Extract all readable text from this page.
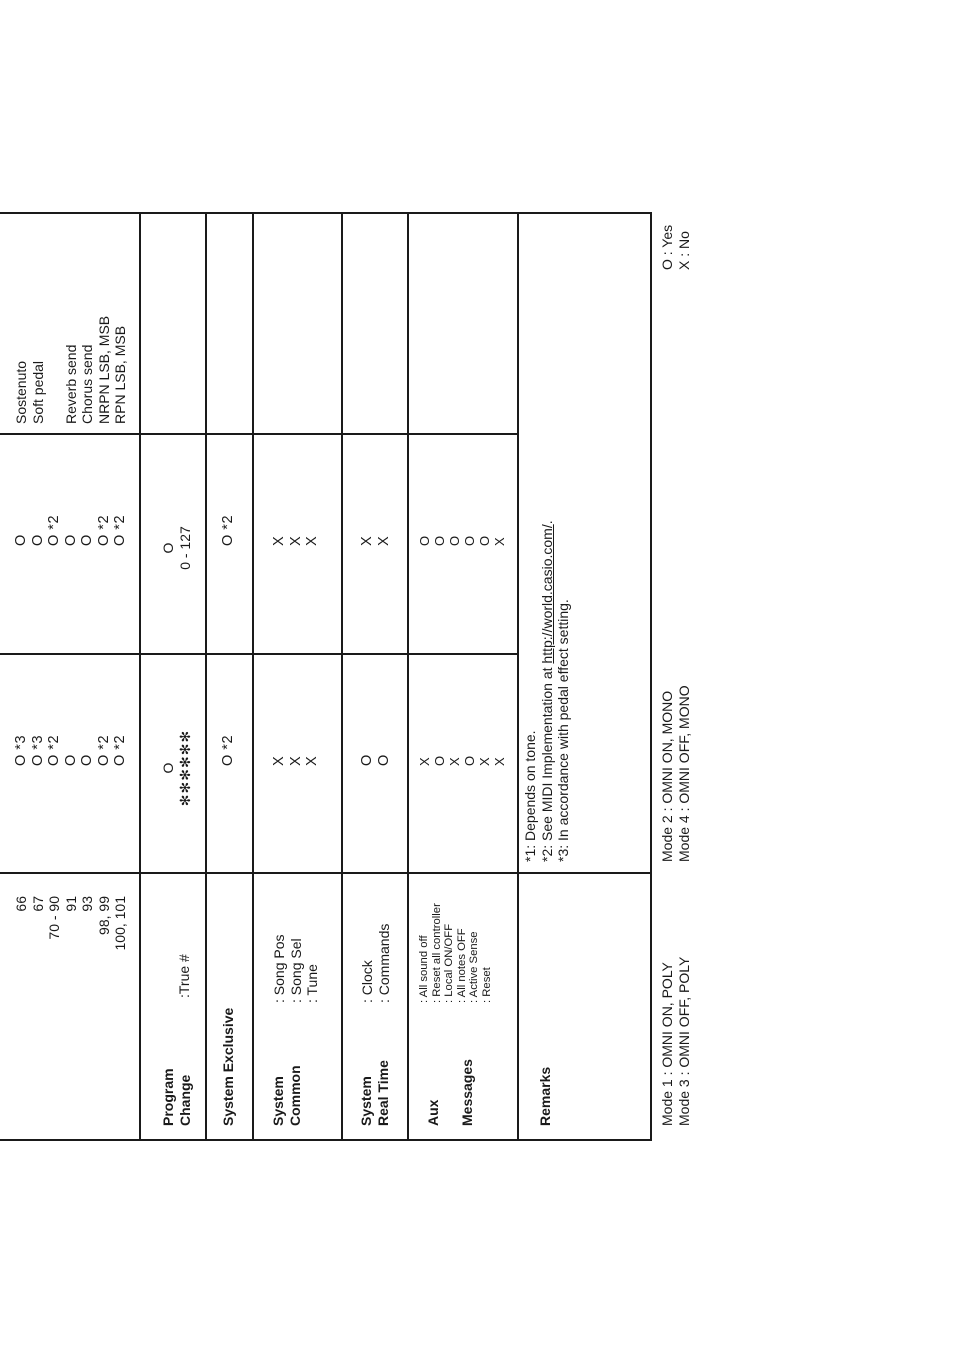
66 67 70 - 90 91 93 98, 99 100, 101
O *3 O *3 O *2 O O O *2 O *2
O O O *2 O O O *2 O *2
Sostenuto Soft pedal Reverb send Chorus send NRPN LSB, MSB RPN LSB, MSB
Program Change
:True #
O ✻✻✻✻✻✻
O 0 - 127
System Exclusive
O *2
O *2
System Common
: Song Pos : Song Sel : Tune
X X X
X X X
System Real Time
: Clock : Commands
O O
X X
Aux Messages
: All sound off : Reset all controller : Local ON/OFF : All notes OFF : Active Sense : Reset
X O X O X X
O O O O O X
Remarks
*1: Depends on tone. *2: See MIDI Implementation at http://world.casio.com/.
*3: In accordance with pedal effect setting.
Mode 1 : OMNI ON, POLY Mode 3 : OMNI OFF, POLY
Mode 2 : OMNI ON, MONO Mode 4 : OMNI OFF, MONO
O : Yes X : No
